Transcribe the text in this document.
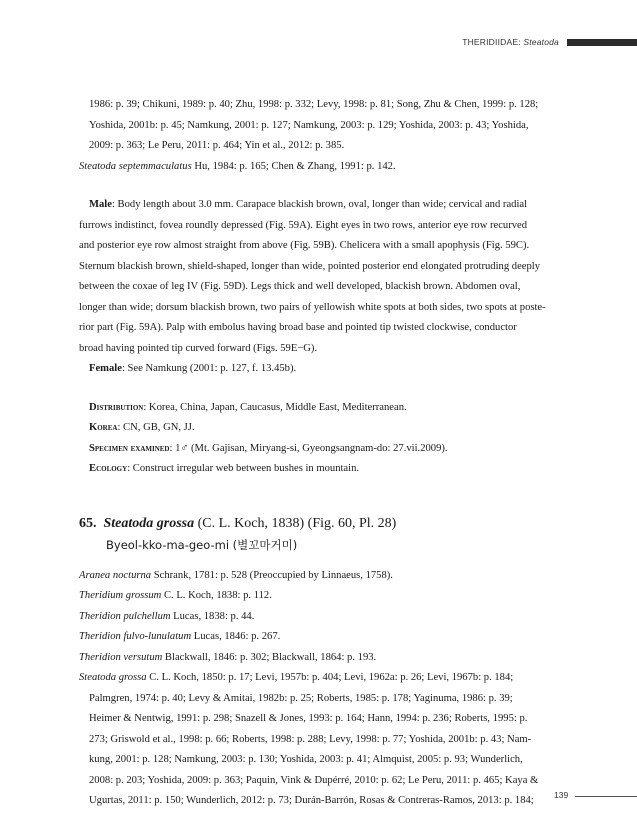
THERIDIIDAE: Steatoda

1986: p. 39; Chikuni, 1989: p. 40; Zhu, 1998: p. 332; Levy, 1998: p. 81; Song, Zhu & Chen, 1999: p. 128;

Yoshida, 2001b: p. 45; Namkung, 2001: p. 127; Namkung, 2003: p. 129; Yoshida, 2003: p. 43; Yoshida,

2009: p. 363; Le Peru, 2011: p. 464; Yin et al., 2012: p. 385.

Steatoda septemmaculatus Hu, 1984: p. 165; Chen & Zhang, 1991: p. 142.

Male: Body length about 3.0 mm. Carapace blackish brown, oval, longer than wide; cervical and radial

furrows indistinct, fovea roundly depressed (Fig. 59A). Eight eyes in two rows, anterior eye row recurved

and posterior eye row almost straight from above (Fig. 59B). Chelicera with a small apophysis (Fig. 59C).

Sternum blackish brown, shield-shaped, longer than wide, pointed posterior end elongated protruding deeply

between the coxae of leg IV (Fig. 59D). Legs thick and well developed, blackish brown. Abdomen oval,

longer than wide; dorsum blackish brown, two pairs of yellowish white spots at both sides, two spots at poste-

rior part (Fig. 59A). Palp with embolus having broad base and pointed tip twisted clockwise, conductor

broad having pointed tip curved forward (Figs. 59E−G).

Female: See Namkung (2001: p. 127, f. 13.45b).

Distribution: Korea, China, Japan, Caucasus, Middle East, Mediterranean.

Korea: CN, GB, GN, JJ.

Specimen examined: 1♂ (Mt. Gajisan, Miryang-si, Gyeongsangnam-do: 27.vii.2009).

Ecology: Construct irregular web between bushes in mountain.

65. Steatoda grossa (C. L. Koch, 1838) (Fig. 60, Pl. 28)

Byeol-kko-ma-geo-mi (별꼬마거미)

Aranea nocturna Schrank, 1781: p. 528 (Preoccupied by Linnaeus, 1758).

Theridium grossum C. L. Koch, 1838: p. 112.

Theridion pulchellum Lucas, 1838: p. 44.

Theridion fulvo-lunulatum Lucas, 1846: p. 267.

Theridion versutum Blackwall, 1846: p. 302; Blackwall, 1864: p. 193.

Steatoda grossa C. L. Koch, 1850: p. 17; Levi, 1957b: p. 404; Levi, 1962a: p. 26; Levi, 1967b: p. 184;

Palmgren, 1974: p. 40; Levy & Amitai, 1982b: p. 25; Roberts, 1985: p. 178; Yaginuma, 1986: p. 39;

Heimer & Nentwig, 1991: p. 298; Snazell & Jones, 1993: p. 164; Hann, 1994: p. 236; Roberts, 1995: p.

273; Griswold et al., 1998: p. 66; Roberts, 1998: p. 288; Levy, 1998: p. 77; Yoshida, 2001b: p. 43; Nam-

kung, 2001: p. 128; Namkung, 2003: p. 130; Yoshida, 2003: p. 41; Almquist, 2005: p. 93; Wunderlich,

2008: p. 203; Yoshida, 2009: p. 363; Paquin, Vink & Dupérré, 2010: p. 62; Le Peru, 2011: p. 465; Kaya &

Ugurtas, 2011: p. 150; Wunderlich, 2012: p. 73; Durán-Barrón, Rosas & Contreras-Ramos, 2013: p. 184;	139
